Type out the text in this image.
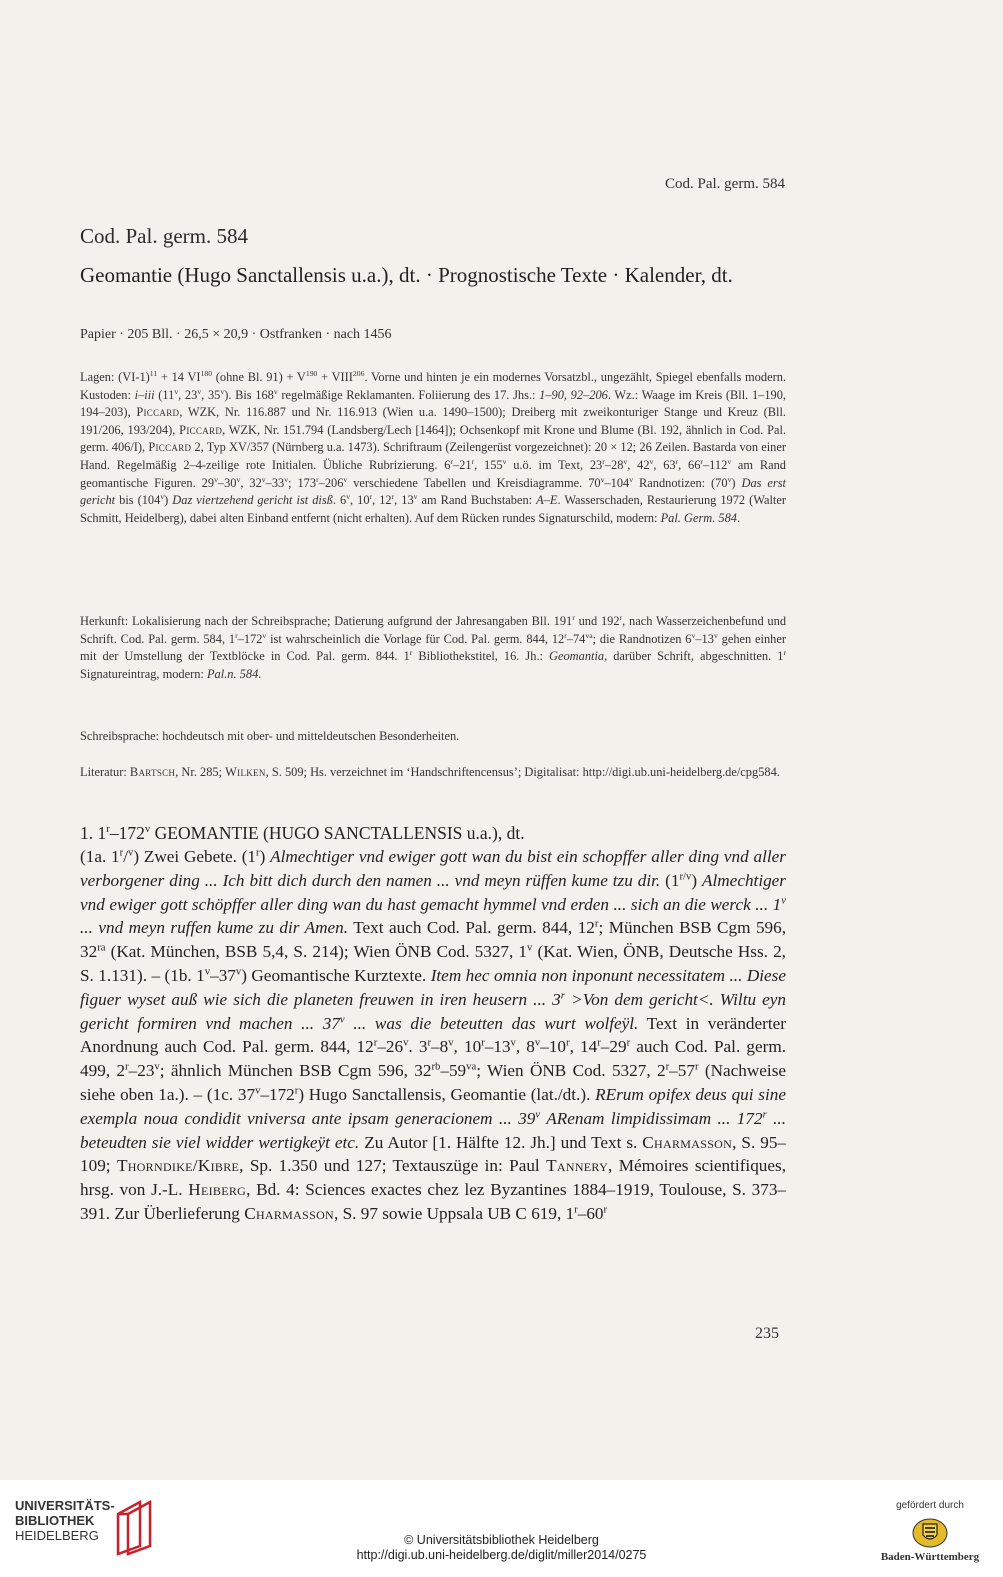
Cod. Pal. germ. 584
Cod. Pal. germ. 584
Geomantie (Hugo Sanctallensis u.a.), dt. · Prognostische Texte · Kalender, dt.
Papier · 205 Bll. · 26,5 × 20,9 · Ostfranken · nach 1456

Lagen: $(VI-1)^{11} + 14$ VI$^{180}$ (ohne Bl. $91) + V^{190}$ + $VIII^{206}$. Vorne und hinten je ein modernes Vorsatzbl., ungezählt, Spiegel ebenfalls modern. Kustoden: i–iii (11$^v$, 23$^v$, 35$^v$). Bis 168$^v$ regelmäßige Reklamanten. Foliierung des 17. Jhs.: 1–90, 92–206. Wz.: Waage im Kreis (Bll. 1–190, 194–203), Piccard, WZK, Nr. 116.887 und Nr. 116.913 (Wien u.a. 1490–1500); Dreiberg mit zweikonturiger Stange und Kreuz (Bll. 191/206, 193/204), Piccard, WZK, Nr. 151.794 (Landsberg/Lech [1464]); Ochsenkopf mit Krone und Blume (Bl. 192, ähnlich in Cod. Pal. germ. 406/I), Piccard 2, Typ XV/357 (Nürnberg u.a. 1473). Schriftraum (Zeilengerüst vorgezeichnet): 20 × 12; 26 Zeilen. Bastarda von einer Hand. Regelmäßig 2–4-zeilige rote Initialen. Übliche Rubrizierung. 6$^r$–21$^r$, 155$^v$ u.ö. im Text, 23$^r$–28$^v$, 42$^v$, 63$^r$, 66$^r$–112$^v$ am Rand geomantische Figuren. 29$^v$–30$^v$, 32$^v$–33$^v$; 173$^r$–206$^v$ verschiedene Tabellen und Kreisdiagramme. 70$^v$–104$^v$ Randnotizen: (70$^v$) Das erst gericht bis (104$^v$) Daz viertzehend gericht ist disß. 6$^v$, 10$^r$, 12$^r$, 13$^v$ am Rand Buchstaben: A–E. Wasserschaden, Restaurierung 1972 (Walter Schmitt, Heidelberg), dabei alten Einband entfernt (nicht erhalten). Auf dem Rücken rundes Signaturschild, modern: Pal. Germ. 584.

Herkunft: Lokalisierung nach der Schreibsprache; Datierung aufgrund der Jahresangaben Bll. 191$^r$ und 192$^r$, nach Wasserzeichenbefund und Schrift. Cod. Pal. germ. 584, 1$^r$–172$^v$ ist wahrscheinlich die Vorlage für Cod. Pal. germ. 844, $12^r-74^{va}$; die Randnotizen 6$^v$–13$^v$ gehen einher mit der Umstellung der Textblöcke in Cod. Pal. germ. 844. 1$^r$ Bibliothekstitel, 16. Jh.: Geomantia, darüber Schrift, abgeschnitten. 1$^r$ Signatureintrag, modern: Pal.n. 584.

Schreibsprache: hochdeutsch mit ober- und mitteldeutschen Besonderheiten.

Literatur: Bartsch, Nr. 285; Wilken, S. 509; Hs. verzeichnet im ‘Handschriftencensus’; Digitalisat: http://digi.ub.uni-heidelberg.de/cpg584.

1. 1$^r$–172$^v$ GEOMANTIE (HUGO SANCTALLENSIS u.a.), dt.

(1a. 1$^r$/$^v$) Zwei Gebete. (1$^r$) Almechtiger vnd ewiger gott wan du bist ein schopffer aller ding vnd aller verborgener ding ... Ich bitt dich durch den namen ... vnd meyn rüffen kume tzu dir. $(1^{r/v})$ Almechtiger vnd ewiger gott schöpffer aller ding wan du hast gemacht hymmel vnd erden ... sich an die werck ... 1$^v$ ... vnd meyn ruffen kume zu dir Amen. Text auch Cod. Pal. germ. 844, 12$^r$; München BSB Cgm 596, $32^{ra}$ (Kat. München, BSB 5,4, S. 214); Wien ÖNB Cod. 5327, 1$^v$ (Kat. Wien, ÖNB, Deutsche Hss. 2, S. 1.131). – (1b. 1$^v$–37$^v$) Geomantische Kurztexte. Item hec omnia non inponunt necessitatem ... Diese figuer wyset auß wie sich die planeten freuwen in iren heusern ... $3^r >Von$ dem gericht<. Wiltu eyn gericht formiren vnd machen ... 37$^v$ ... was die beteutten das wurt wolfeÿl. Text in veränderter Anordnung auch Cod. Pal. germ. 844, 12$^r$–26$^v$. 3$^r$–8$^v$, 10$^r$–13$^v$, 8$^v$–10$^r$, 14$^r$–29$^r$ auch Cod. Pal. germ. 499, 2$^r$–23$^v$; ähnlich München BSB Cgm 596, $32^{rb}-59^{va}$; Wien ÖNB Cod. 5327, 2$^r$–57$^r$ (Nachweise siehe oben 1a.). – (1c. 37$^v$–172$^r$) Hugo Sanctallensis, Geomantie (lat./dt.). RErum opifex deus qui sine exempla noua condidit vniversa ante ipsam generacionem ... 39$^v$ ARenam limpidissimam ... 172$^r$ ... beteudten sie viel widder wertigkeÿt etc. Zu Autor [1. Hälfte 12. Jh.] und Text s. Charmasson, S. 95–109; Thorndike/Kibre, Sp. 1.350 und 127; Textauszüge in: Paul Tannery, Mémoires scientifiques, hrsg. von J.-L. Heiberg, Bd. 4: Sciences exactes chez lez Byzantines 1884–1919, Toulouse, S. 373–391. Zur Überlieferung Charmasson, S. 97 sowie Uppsala UB C 619, 1$^r$–60$^r$

235
UNIVERSITÄTS-
BIBLIOTHEK
HEIDELBERG	© Universitätsbibliothek Heidelberg
http://digi.ub.uni-heidelberg.de/diglit/miller2014/0275
gefördert durch
Baden-Württemberg
